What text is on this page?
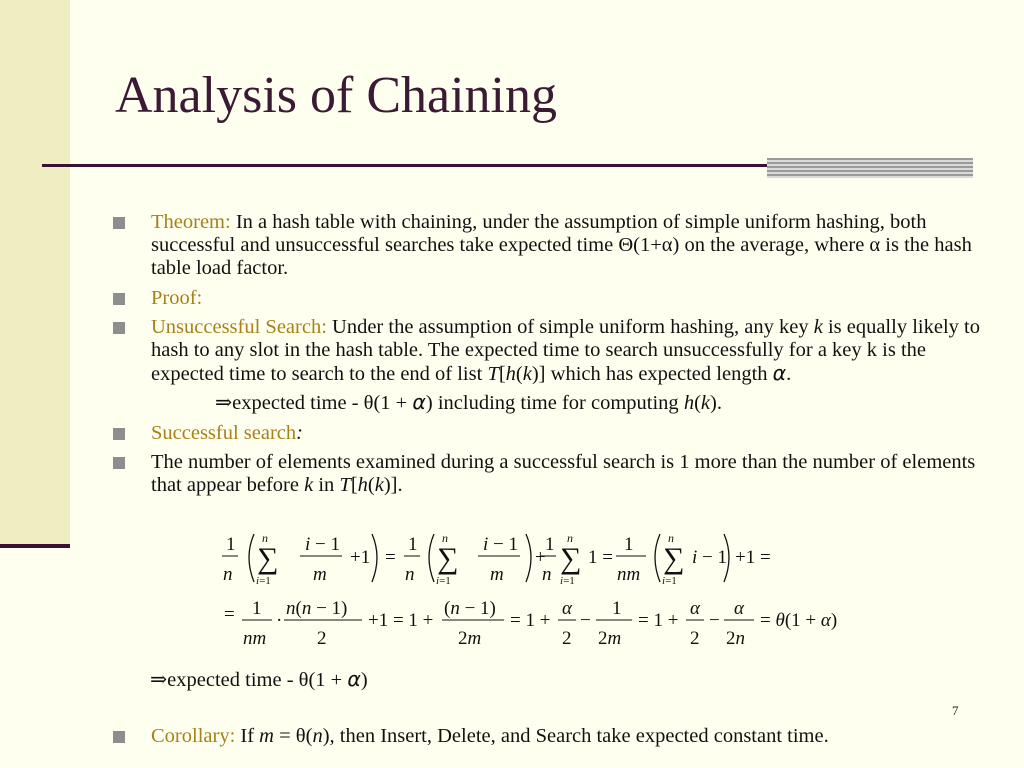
Analysis of Chaining

Theorem: In a hash table with chaining, under the assumption of simple uniform hashing, both successful and unsuccessful searches take expected time Θ(1+α) on the average, where α is the hash table load factor.

Proof:

Unsuccessful Search: Under the assumption of simple uniform hashing, any key k is equally likely to hash to any slot in the hash table. The expected time to search unsuccessfully for a key k is the expected time to search to the end of list T[h(k)] which has expected length α.

⇒expected time - θ(1 + α) including time for computing h(k).

Successful search:

The number of elements examined during a successful search is 1 more than the number of elements that appear before k in T[h(k)].

1
n
n
∑
i=1
i − 1
m
+1 =
1
n
n
∑
i=1
i − 1
m
+
1
n
n
∑
i=1
1 =
1
nm
n
∑
i=1
i − 1 +1 =
= 1
nm
·
n(n − 1)
2
+1 = 1 +
(n − 1)
2m
= 1 +
α
2
−
1
2m
= 1 +
α
2
−
α
2n
= θ(1 + α)
⇒expected time - θ(1 + α)
7

Corollary: If m = θ(n), then Insert, Delete, and Search take expected constant time.
